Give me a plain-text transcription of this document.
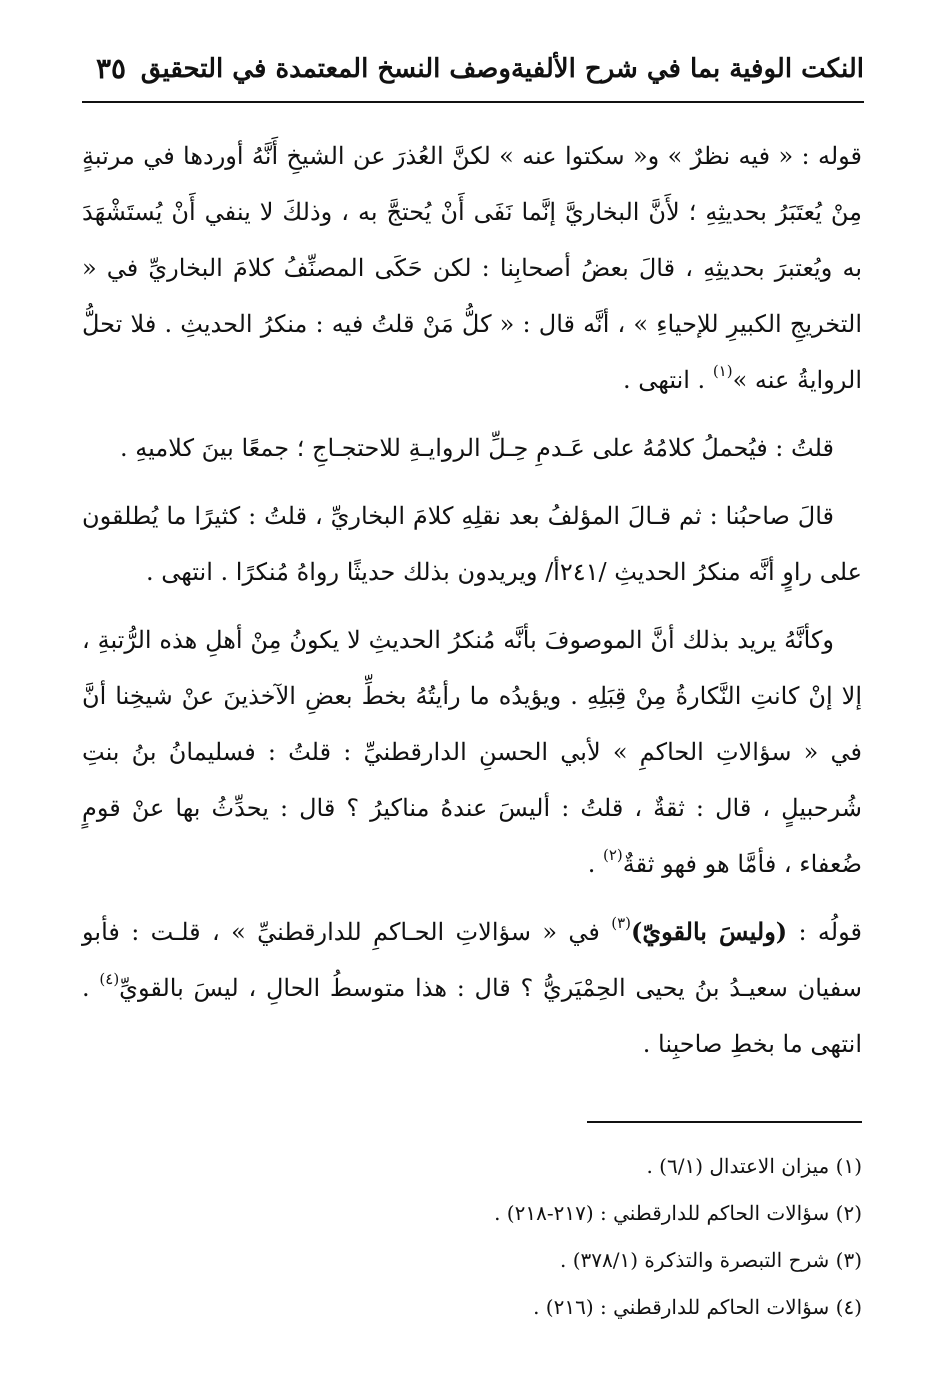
النكت الوفية بما في شرح الألفيةوصف النسخ المعتمدة في التحقيق
٣٥

قوله : « فيه نظرٌ » و« سكتوا عنه » لكنَّ العُذرَ عن الشيخِ أَنَّهُ أوردها في مرتبةٍ مِنْ يُعتَبَرُ بحديثِهِ ؛ لأَنَّ البخاريَّ إنَّما نَفَى أَنْ يُحتجَّ به ، وذلكَ لا ينفي أَنْ يُستَشْهَدَ به ويُعتبرَ بحديثِهِ ، قالَ بعضُ أصحابِنا : لكن حَكَى المصنِّفُ كلامَ البخاريِّ في « التخريجِ الكبيرِ للإحياءِ » ، أنَّه قال : « كلُّ مَنْ قلتُ فيه : منكرُ الحديثِ . فلا تحلُّ الروايةُ عنه »$^{(١)}$ . انتهى .

قلتُ : فيُحملُ كلامُهُ على عَـدمِ حِـلِّ الروايـةِ للاحتجـاجِ ؛ جمعًا بينَ كلاميهِ .

قالَ صاحبُنا : ثم قـالَ المؤلفُ بعد نقلِهِ كلامَ البخاريِّ ، قلتُ : كثيرًا ما يُطلقون على راوٍ أنَّه منكرُ الحديثِ /٢٤١أ/ ويريدون بذلك حديثًا رواهُ مُنكرًا . انتهى .

وكأنَّهُ يريد بذلك أنَّ الموصوفَ بأنَّه مُنكرُ الحديثِ لا يكونُ مِنْ أهلِ هذه الرُّتبةِ ، إلا إنْ كانتِ النَّكارةُ مِنْ قِبَلِهِ . ويؤيدُه ما رأيتُهُ بخطِّ بعضِ الآخذينَ عنْ شيخِنا أنَّ في « سؤالاتِ الحاكمِ » لأبي الحسنِ الدارقطنيِّ : قلتُ : فسليمانُ بنُ بنتِ شُرحبيلٍ ، قال : ثقةٌ ، قلتُ : أليسَ عندهُ مناكيرُ ؟ قال : يحدِّثُ بها عنْ قومٍ ضُعفاء ، فأمَّا هو فهو ثقةٌ$^{(٢)}$ .

قولُه : (وليسَ بالقويّ)$^{(٣)}$ في « سؤالاتِ الحـاكمِ للدارقطنيِّ » ، قلـت : فأبو سفيان سعيـدُ بنُ يحيى الحِمْيَريُّ ؟ قال : هذا متوسطُ الحالِ ، ليسَ بالقويِّ$^{(٤)}$ . انتهى ما بخطِ صاحبِنا .

(١) ميزان الاعتدال (٦/١) .

(٢) سؤالات الحاكم للدارقطني : (٢١٧-٢١٨) .

(٣) شرح التبصرة والتذكرة (٣٧٨/١) .

(٤) سؤالات الحاكم للدارقطني : (٢١٦) .
